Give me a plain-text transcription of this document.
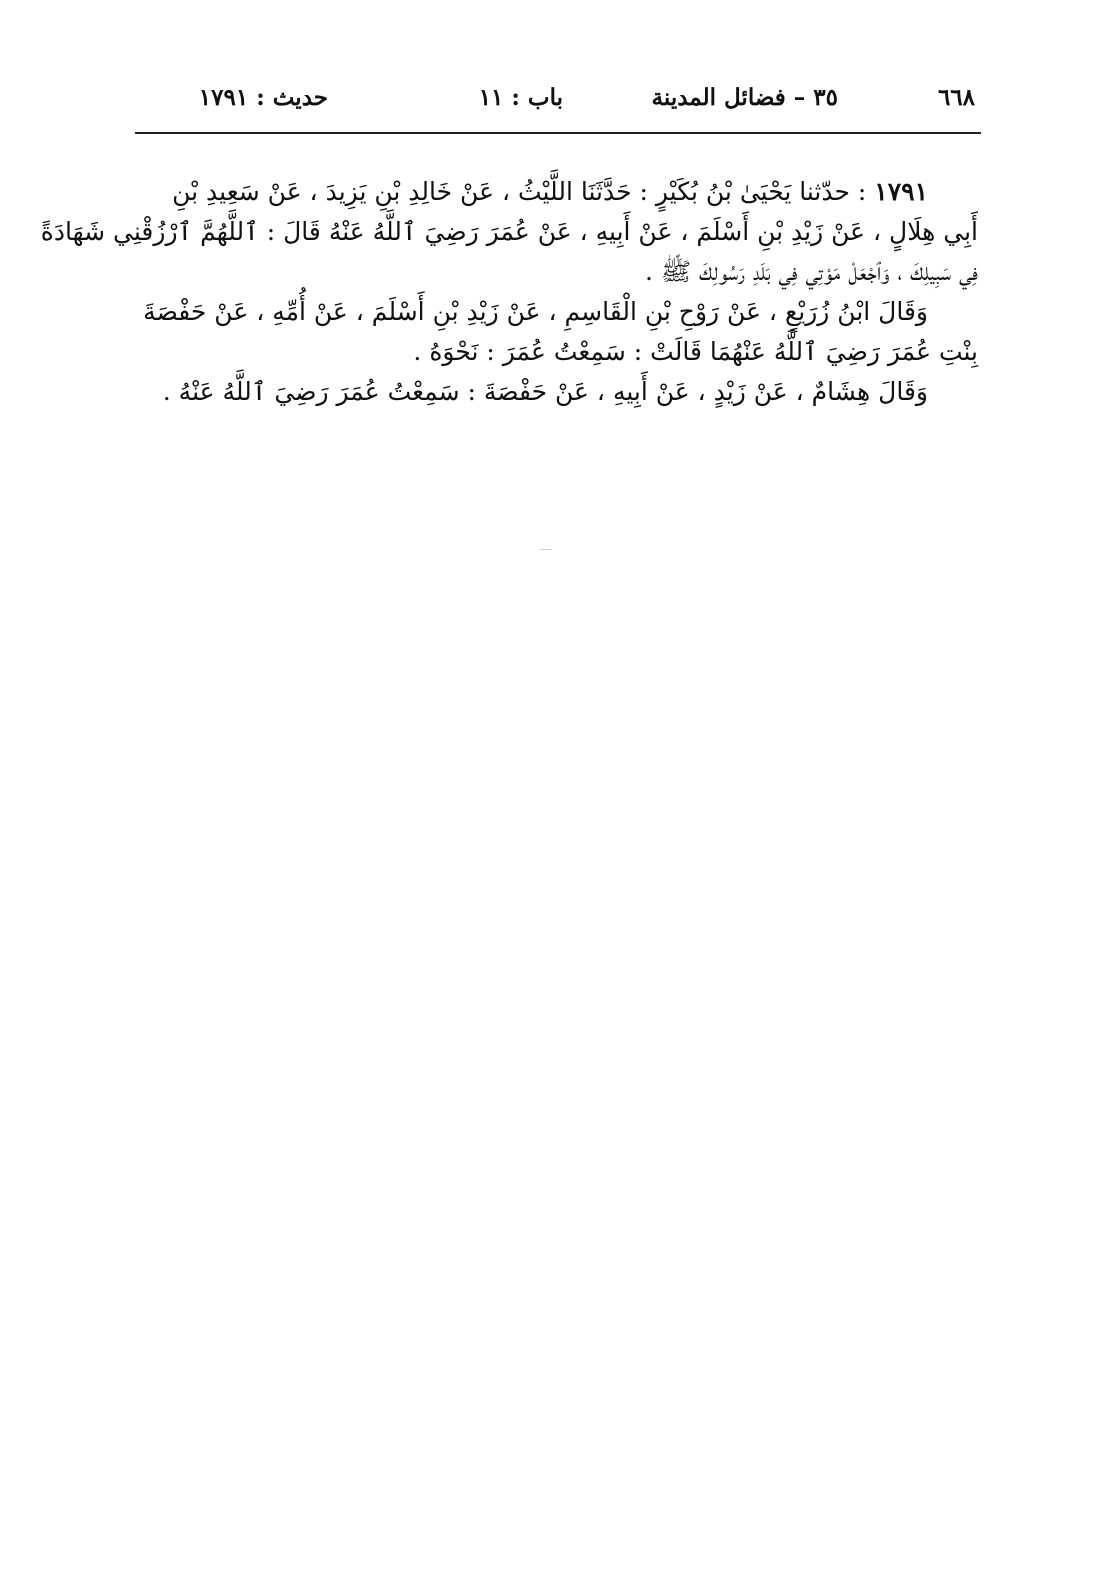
٦٦٨
٣٥ – فضائل المدينة
باب : ١١
حديث : ١٧٩١
١٧٩١ : حدّثنا يَحْيَىٰ بْنُ بُكَيْرٍ : حَدَّثَنَا اللَّيْثُ ، عَنْ خَالِدِ بْنِ يَزِيدَ ، عَنْ سَعِيدِ بْنِ
أَبِي هِلَالٍ ، عَنْ زَيْدِ بْنِ أَسْلَمَ ، عَنْ أَبِيهِ ، عَنْ عُمَرَ رَضِيَ ٱللَّهُ عَنْهُ قَالَ : ٱللَّهُمَّ ٱرْزُقْنِي شَهَادَةً
فِي سَبِيلِكَ ، وَٱجْعَلْ مَوْتِي فِي بَلَدِ رَسُولِكَ ﷺ .
وَقَالَ ابْنُ زُرَيْعٍ ، عَنْ رَوْحِ بْنِ الْقَاسِمِ ، عَنْ زَيْدِ بْنِ أَسْلَمَ ، عَنْ أُمِّهِ ، عَنْ حَفْصَةَ
بِنْتِ عُمَرَ رَضِيَ ٱللَّهُ عَنْهُمَا قَالَتْ : سَمِعْتُ عُمَرَ : نَحْوَهُ .
وَقَالَ هِشَامٌ ، عَنْ زَيْدٍ ، عَنْ أَبِيهِ ، عَنْ حَفْصَةَ : سَمِعْتُ عُمَرَ رَضِيَ ٱللَّهُ عَنْهُ .
